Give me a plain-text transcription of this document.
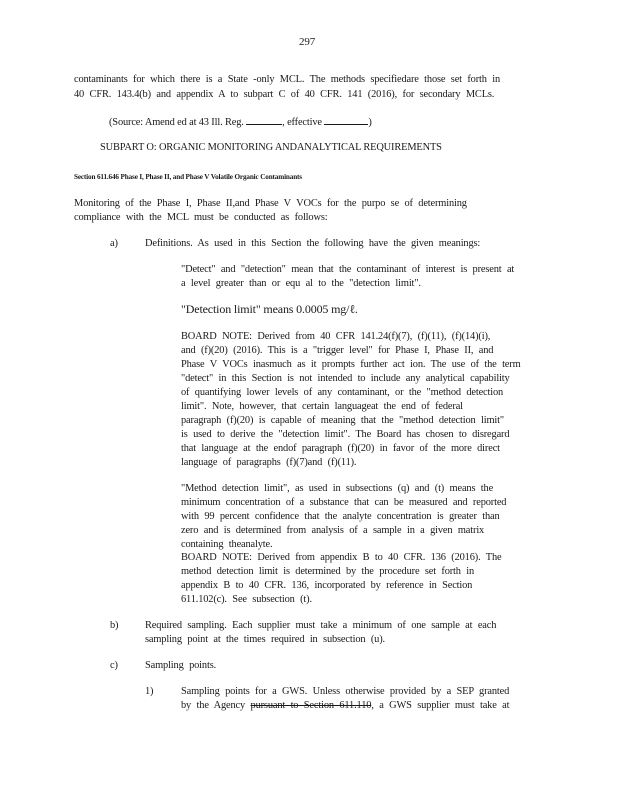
297
contaminants for which there is a State -only MCL. The methods specifiedare those set forth in
40 CFR. 143.4(b) and appendix A to subpart C of 40 CFR. 141 (2016), for secondary MCLs.
(Source: Amend ed at 43 Ill. Reg.	, effective	)
SUBPART O: ORGANIC MONITORING ANDANALYTICAL REQUIREMENTS
Section 611.646 Phase I, Phase II, and Phase V Volatile Organic Contaminants
Monitoring of the Phase I, Phase II,and Phase V VOCs for the purpo se of determining
compliance with the MCL must be conducted as follows:
a)	Definitions. As used in this Section the following have the given meanings:
"Detect" and "detection" mean that the contaminant of interest is present at
a level greater than or equ al to the "detection limit".
"Detection limit" means 0.0005 mg/ℓ.
BOARD NOTE: Derived from 40 CFR 141.24(f)(7), (f)(11), (f)(14)(i),
and (f)(20) (2016). This is a "trigger level" for Phase I, Phase II, and
Phase V VOCs inasmuch as it prompts further act ion. The use of the term
"detect" in this Section is not intended to include any analytical capability
of quantifying lower levels of any contaminant, or the "method detection
limit". Note, however, that certain languageat the end of federal
paragraph (f)(20) is capable of meaning that the "method detection limit"
is used to derive the "detection limit". The Board has chosen to disregard
that language at the endof paragraph (f)(20) in favor of the more direct
language of paragraphs (f)(7)and (f)(11).
"Method detection limit", as used in subsections (q) and (t) means the
minimum concentration of a substance that can be measured and reported
with 99 percent confidence that the analyte concentration is greater than
zero and is determined from analysis of a sample in a given matrix
containing theanalyte.
BOARD NOTE: Derived from appendix B to 40 CFR. 136 (2016). The
method detection limit is determined by the procedure set forth in
appendix B to 40 CFR. 136, incorporated by reference in Section
611.102(c). See subsection (t).
b)	Required sampling. Each supplier must take a minimum of one sample at each
sampling point at the times required in subsection (u).
c)	Sampling points.
1)	Sampling points for a GWS. Unless otherwise provided by a SEP granted
by the Agency pursuant to Section 611.110, a GWS supplier must take at
